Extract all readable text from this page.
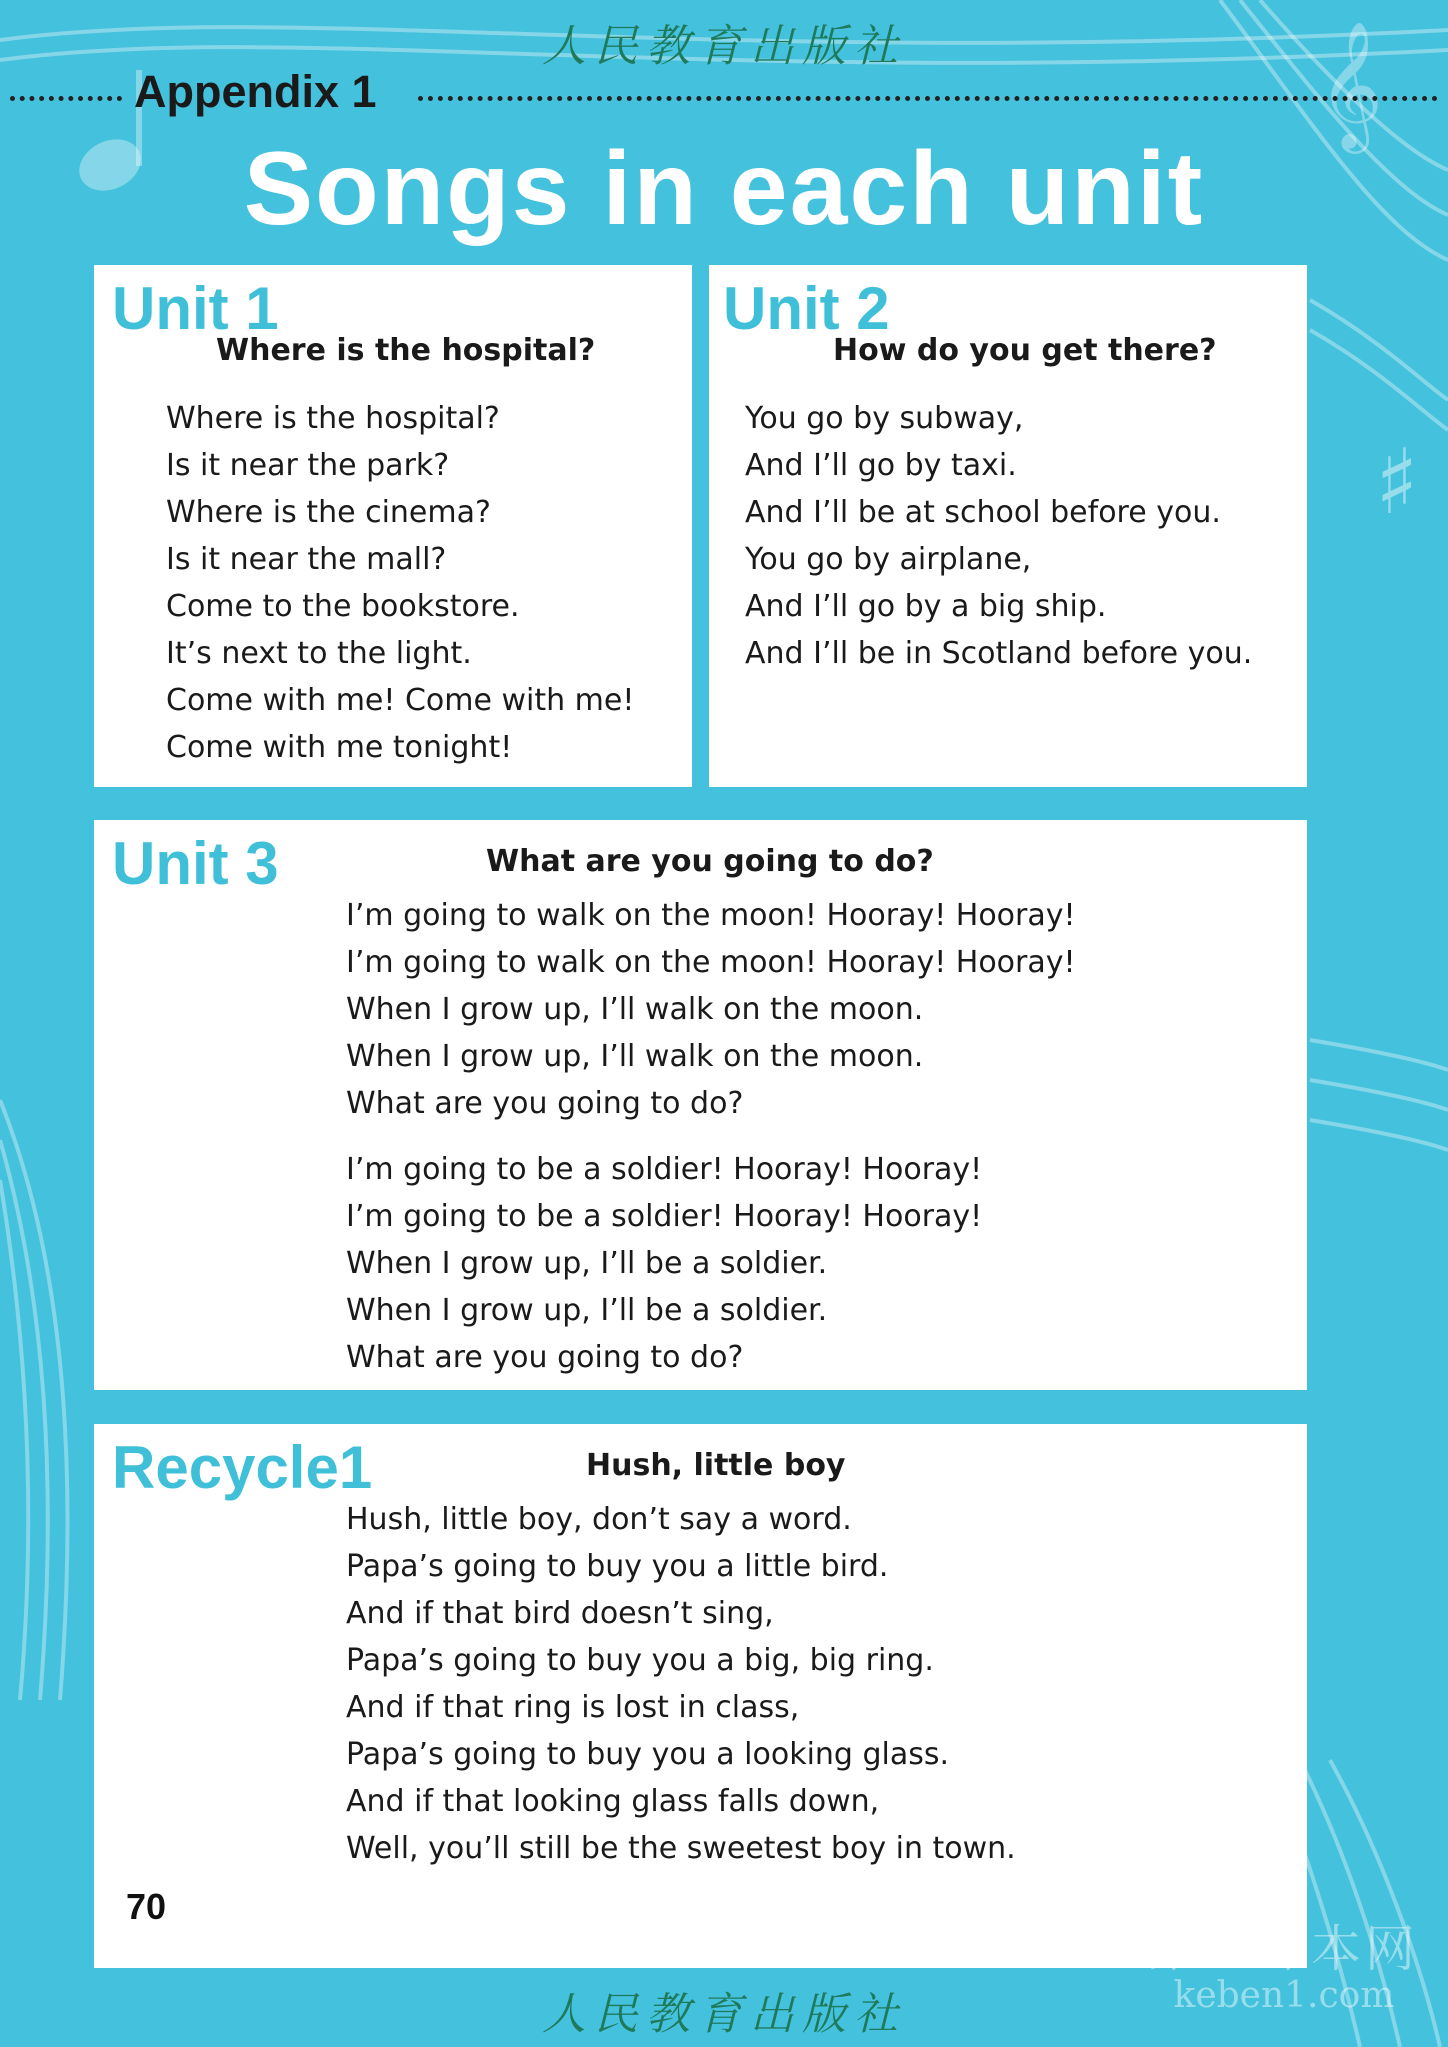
𝄞
♯
人民教育出版社
Appendix 1
Songs in each unit
Unit 1
Where is the hospital?
Where is the hospital?
Is it near the park?
Where is the cinema?
Is it near the mall?
Come to the bookstore.
It’s next to the light.
Come with me! Come with me!
Come with me tonight!
Unit 2
How do you get there?
You go by subway,
And I’ll go by taxi.
And I’ll be at school before you.
You go by airplane,
And I’ll go by a big ship.
And I’ll be in Scotland before you.
Unit 3	What are you going to do?
I’m going to walk on the moon! Hooray! Hooray!
I’m going to walk on the moon! Hooray! Hooray!
When I grow up, I’ll walk on the moon.
When I grow up, I’ll walk on the moon.
What are you going to do?
I’m going to be a soldier! Hooray! Hooray!
I’m going to be a soldier! Hooray! Hooray!
When I grow up, I’ll be a soldier.
When I grow up, I’ll be a soldier.
What are you going to do?
Recycle1	Hush, little boy
Hush, little boy, don’t say a word.
Papa’s going to buy you a little bird.
And if that bird doesn’t sing,
Papa’s going to buy you a big, big ring.
And if that ring is lost in class,
Papa’s going to buy you a looking glass.
And if that looking glass falls down,
Well, you’ll still be the sweetest boy in town.
70
人民教育出版社
第一课本网
keben1.com
